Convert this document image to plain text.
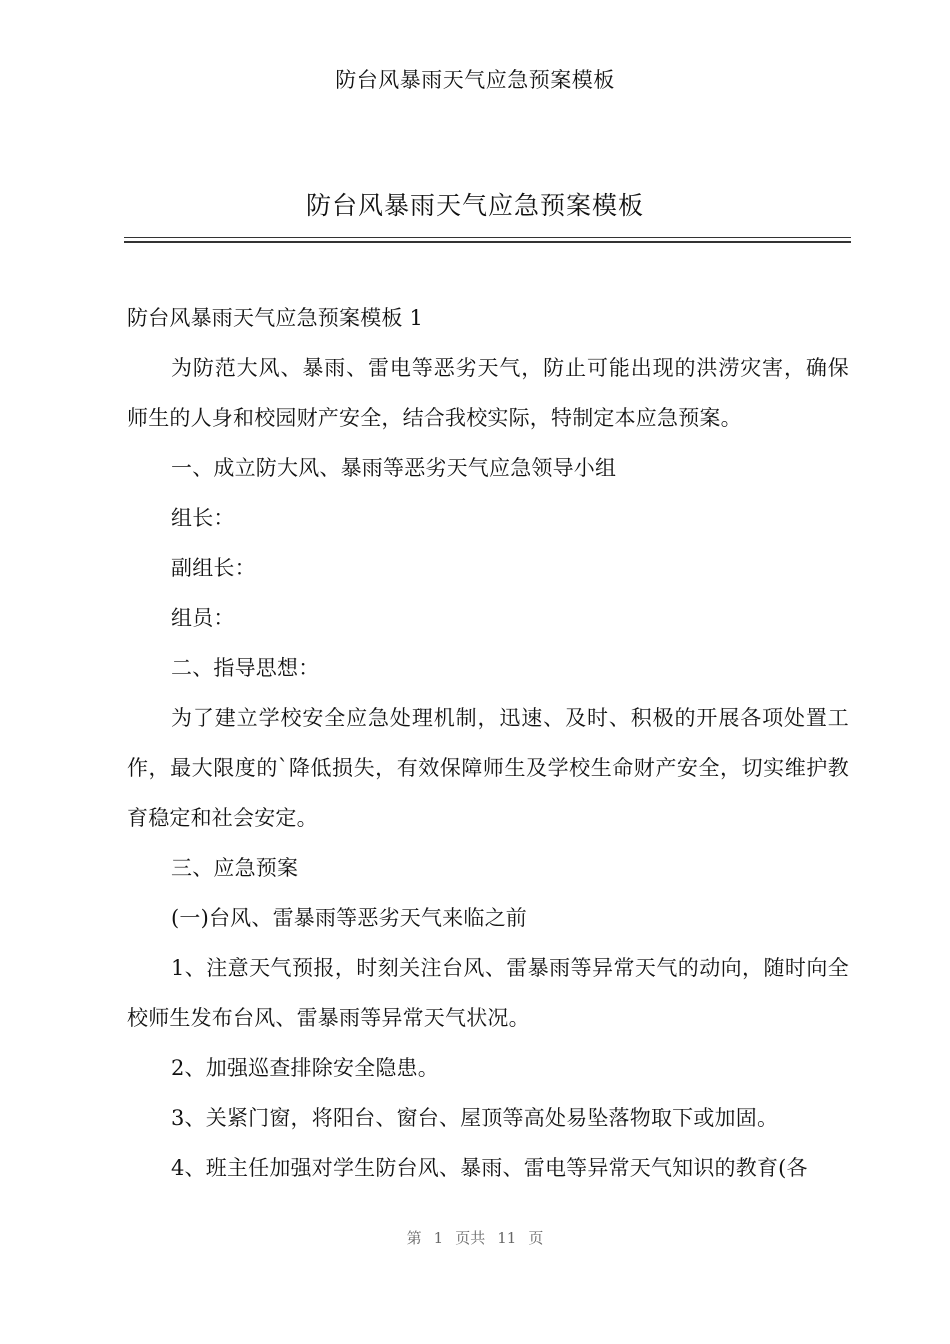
防台风暴雨天气应急预案模板
防台风暴雨天气应急预案模板

防台风暴雨天气应急预案模板 1

为防范大风、暴雨、雷电等恶劣天气，防止可能出现的洪涝灾害，确保师生的人身和校园财产安全，结合我校实际，特制定本应急预案。

一、成立防大风、暴雨等恶劣天气应急领导小组

组长：

副组长：

组员：

二、指导思想：

为了建立学校安全应急处理机制，迅速、及时、积极的开展各项处置工作，最大限度的`降低损失，有效保障师生及学校生命财产安全，切实维护教育稳定和社会安定。

三、应急预案

(一)台风、雷暴雨等恶劣天气来临之前

1、注意天气预报，时刻关注台风、雷暴雨等异常天气的动向，随时向全校师生发布台风、雷暴雨等异常天气状况。

2、加强巡查排除安全隐患。

3、关紧门窗，将阳台、窗台、屋顶等高处易坠落物取下或加固。

4、班主任加强对学生防台风、暴雨、雷电等异常天气知识的教育(各

第 1 页共 11 页
